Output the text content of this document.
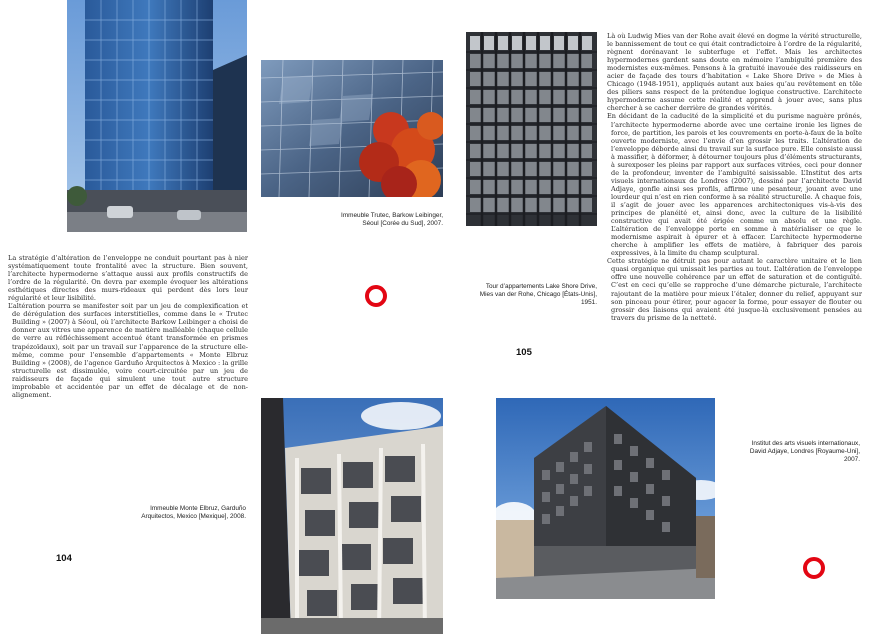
Immeuble Trutec, Barkow Leibinger,
Séoul [Corée du Sud], 2007.

La stratégie d’altération de l’enveloppe ne conduit pourtant pas à nier systématiquement toute frontalité avec la structure. Bien souvent, l’architecte hypermoderne s’attaque aussi aux profils constructifs de l’ordre de la régularité. On devra par exemple évoquer les altérations esthétiques directes des murs-rideaux qui perdent dès lors leur régularité et leur lisibilité.

L’altération pourra se manifester soit par un jeu de complexification et de dérégulation des surfaces interstitielles, comme dans le « Trutec Building » (2007) à Séoul, où l’architecte Barkow Leibinger a choisi de donner aux vitres une apparence de matière malléable (chaque cellule de verre au réfléchissement accentué étant transformée en prismes trapézoïdaux), soit par un travail sur l’apparence de la structure elle-même, comme pour l’ensemble d’appartements « Monte Elbruz Building » (2008), de l’agence Garduño Arquitectos à Mexico : la grille structurelle est dissimulée, voire court-circuitée par un jeu de raidisseurs de façade qui simulent une tout autre structure improbable et accidentée par un effet de décalage et de non-alignement.

Immeuble Monte Elbruz, Garduño
Arquitectos, Mexico [Mexique], 2008.
104
Tour d’appartements Lake Shore Drive,
Mies van der Rohe, Chicago [États-Unis],
1951.
105

Là où Ludwig Mies van der Rohe avait élevé en dogme la vérité structurelle, le bannissement de tout ce qui était contradictoire à l’ordre de la régularité, règnent dorénavant le subterfuge et l’effet. Mais les architectes hypermodernes gardent sans doute en mémoire l’ambiguïté première des modernistes eux-mêmes. Pensons à la gratuité inavouée des raidisseurs en acier de façade des tours d’habitation « Lake Shore Drive » de Mies à Chicago (1948-1951), appliqués autant aux baies qu’au revêtement en tôle des piliers sans respect de la prétendue logique constructive. L’architecte hypermoderne assume cette réalité et apprend à jouer avec, sans plus chercher à se cacher derrière de grandes vérités.

En décidant de la caducité de la simplicité et du purisme naguère prônés, l’architecte hypermoderne aborde avec une certaine ironie les lignes de force, de partition, les parois et les couvrements en porte-à-faux de la boîte ouverte moderniste, avec l’envie d’en grossir les traits. L’altération de l’enveloppe déborde ainsi du travail sur la surface pure. Elle consiste aussi à massifier, à déformer, à détourner toujours plus d’éléments structurants, à surexposer les pleins par rapport aux surfaces vitrées, ceci pour donner de la profondeur, inventer de l’ambiguïté saisissable. L’Institut des arts visuels internationaux de Londres (2007), dessiné par l’architecte David Adjaye, gonfle ainsi ses profils, affirme une pesanteur, jouant avec une lourdeur qui n’est en rien conforme à sa réalité structurelle. À chaque fois, il s’agit de jouer avec les apparences architectoniques vis-à-vis des principes de planéité et, ainsi donc, avec la culture de la lisibilité constructive qui avait été érigée comme un absolu et une règle. L’altération de l’enveloppe porte en somme à matérialiser ce que le modernisme aspirait à épurer et à effacer. L’architecte hypermoderne cherche à amplifier les effets de matière, à fabriquer des parois expressives, à la limite du champ sculptural.

Cette stratégie ne détruit pas pour autant le caractère unitaire et le lien quasi organique qui unissait les parties au tout. L’altération de l’enveloppe offre une nouvelle cohérence par un effet de saturation et de contiguïté. C’est en ceci qu’elle se rapproche d’une démarche picturale, l’architecte rajoutant de la matière pour mieux l’étaler, donner du relief, appuyant sur son pinceau pour étirer, pour agacer la forme, pour essayer de flouter ou grossir des liaisons qui avaient été jusque-là exclusivement pensées au travers du prisme de la netteté.

Institut des arts visuels internationaux,
David Adjaye, Londres [Royaume-Uni],
2007.
